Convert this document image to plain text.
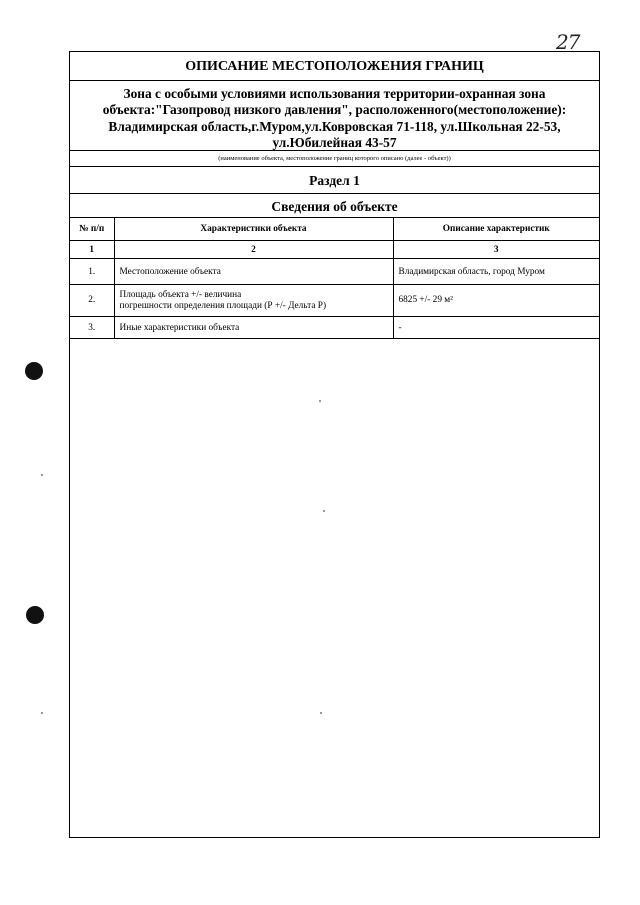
27
ОПИСАНИЕ МЕСТОПОЛОЖЕНИЯ ГРАНИЦ
Зона с особыми условиями использования территории-охранная зона
объекта:"Газопровод низкого давления", расположенного(местоположение):
Владимирская область,г.Муром,ул.Ковровская 71-118, ул.Школьная 22-53,
ул.Юбилейная 43-57
(наименование объекта, местоположение границ которого описано (далее - объект))
Раздел 1
Сведения об объекте
№ п/п	Характеристики объекта	Описание характеристик
1	2	3
1.	Местоположение объекта	Владимирская область, город Муром
2.	Площадь объекта +/- величина
погрешности определения площади (Р +/- Дельта Р)	6825 +/- 29 м²
3.	Иные характеристики объекта	-
